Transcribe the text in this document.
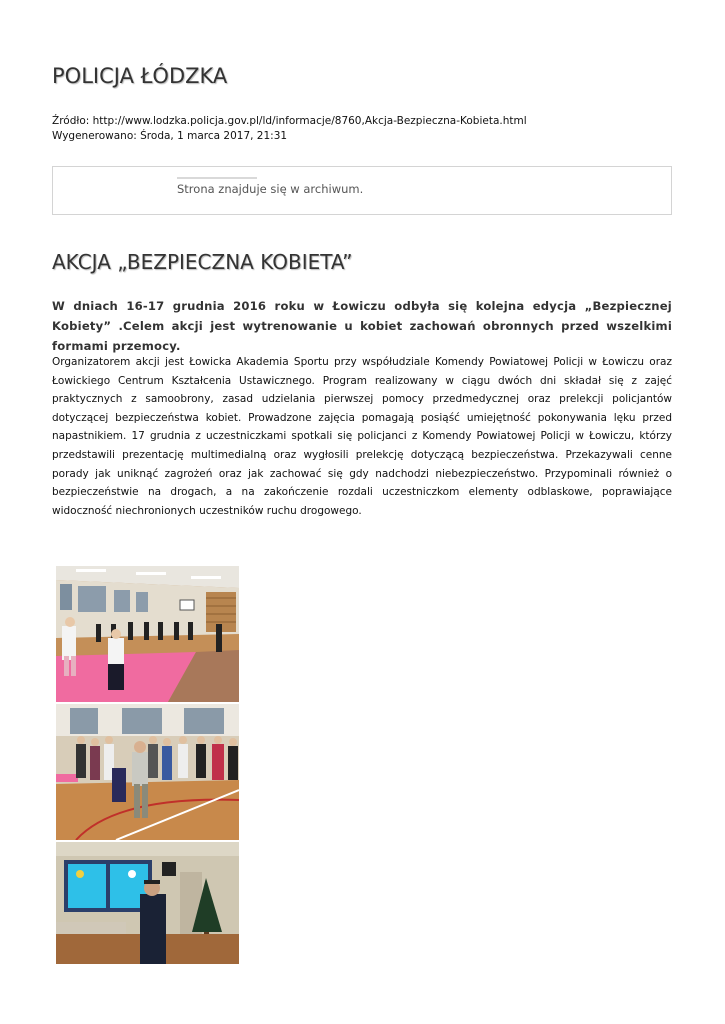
POLICJA ŁÓDZKA
Źródło: http://www.lodzka.policja.gov.pl/ld/informacje/8760,Akcja-Bezpieczna-Kobieta.html
Wygenerowano: Środa, 1 marca 2017, 21:31
Strona znajduje się w archiwum.
AKCJA „BEZPIECZNA KOBIETA”
W dniach 16-17 grudnia 2016 roku w Łowiczu odbyła się kolejna edycja „Bezpiecznej Kobiety” .Celem akcji jest wytrenowanie u kobiet zachowań obronnych przed wszelkimi formami przemocy.
Organizatorem akcji jest Łowicka Akademia Sportu przy współudziale Komendy Powiatowej Policji w Łowiczu oraz Łowickiego Centrum Kształcenia Ustawicznego. Program realizowany w ciągu dwóch dni składał się z zajęć praktycznych z samoobrony, zasad udzielania pierwszej pomocy przedmedycznej oraz prelekcji policjantów dotyczącej bezpieczeństwa kobiet. Prowadzone zajęcia pomagają posiąść umiejętność pokonywania lęku przed napastnikiem. 17 grudnia z uczestniczkami spotkali się policjanci z Komendy Powiatowej Policji w Łowiczu, którzy przedstawili prezentację multimedialną oraz wygłosili prelekcję dotyczącą bezpieczeństwa. Przekazywali cenne porady jak uniknąć zagrożeń oraz jak zachować się gdy nadchodzi niebezpieczeństwo. Przypominali również o bezpieczeństwie na drogach, a na zakończenie rozdali uczestniczkom elementy odblaskowe, poprawiające widoczność niechronionych uczestników ruchu drogowego.
